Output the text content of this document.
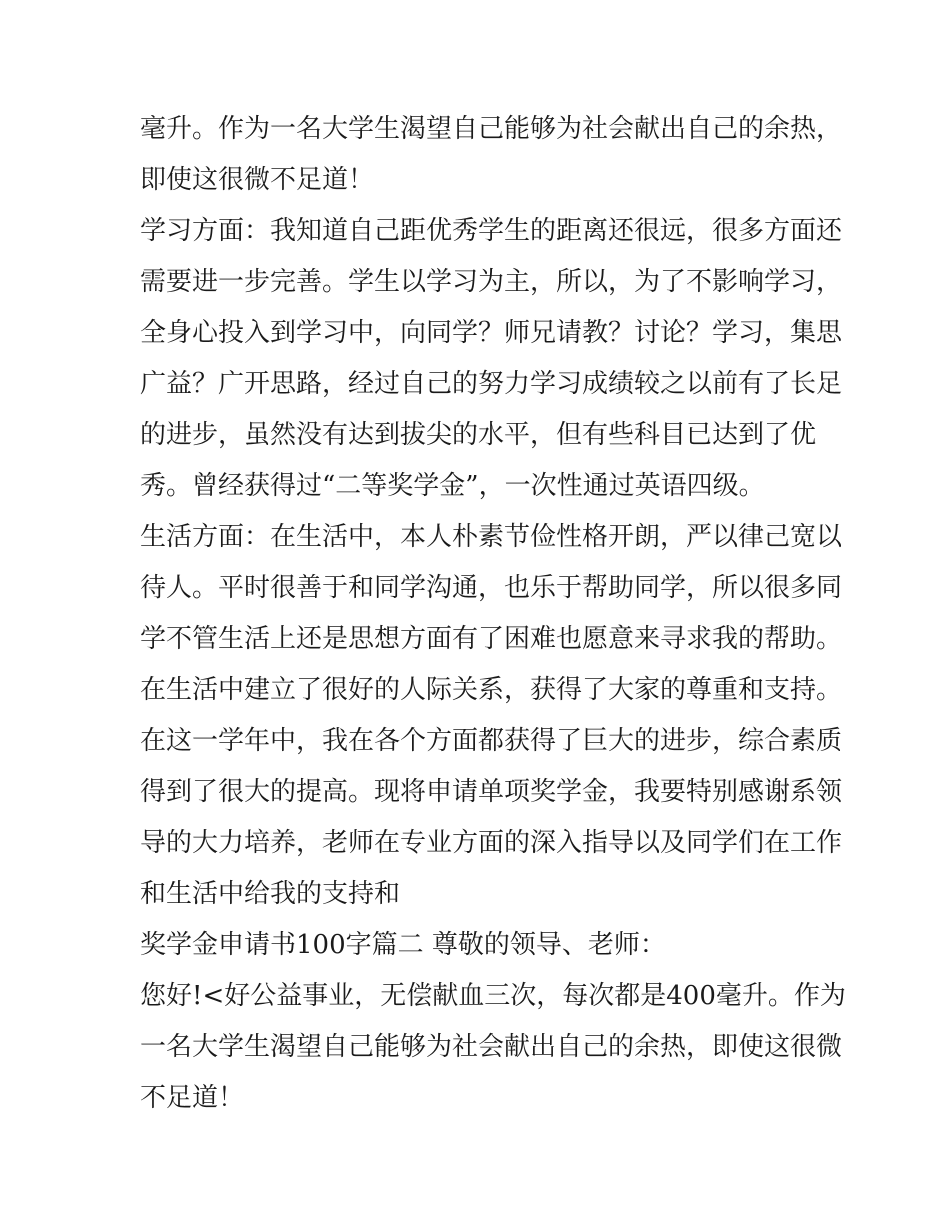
毫升。作为一名大学生渴望自己能够为社会献出自己的余热，
即使这很微不足道！
学习方面：我知道自己距优秀学生的距离还很远，很多方面还
需要进一步完善。学生以学习为主，所以，为了不影响学习，
全身心投入到学习中，向同学？师兄请教？讨论？学习，集思
广益？广开思路，经过自己的努力学习成绩较之以前有了长足
的进步，虽然没有达到拔尖的水平，但有些科目已达到了优
秀。曾经获得过“二等奖学金”，一次性通过英语四级。
生活方面：在生活中，本人朴素节俭性格开朗，严以律己宽以
待人。平时很善于和同学沟通，也乐于帮助同学，所以很多同
学不管生活上还是思想方面有了困难也愿意来寻求我的帮助。
在生活中建立了很好的人际关系，获得了大家的尊重和支持。
在这一学年中，我在各个方面都获得了巨大的进步，综合素质
得到了很大的提高。现将申请单项奖学金，我要特别感谢系领
导的大力培养，老师在专业方面的深入指导以及同学们在工作
和生活中给我的支持和
奖学金申请书100字篇二 尊敬的领导、老师：
您好!<好公益事业，无偿献血三次，每次都是400毫升。作为
一名大学生渴望自己能够为社会献出自己的余热，即使这很微
不足道！
